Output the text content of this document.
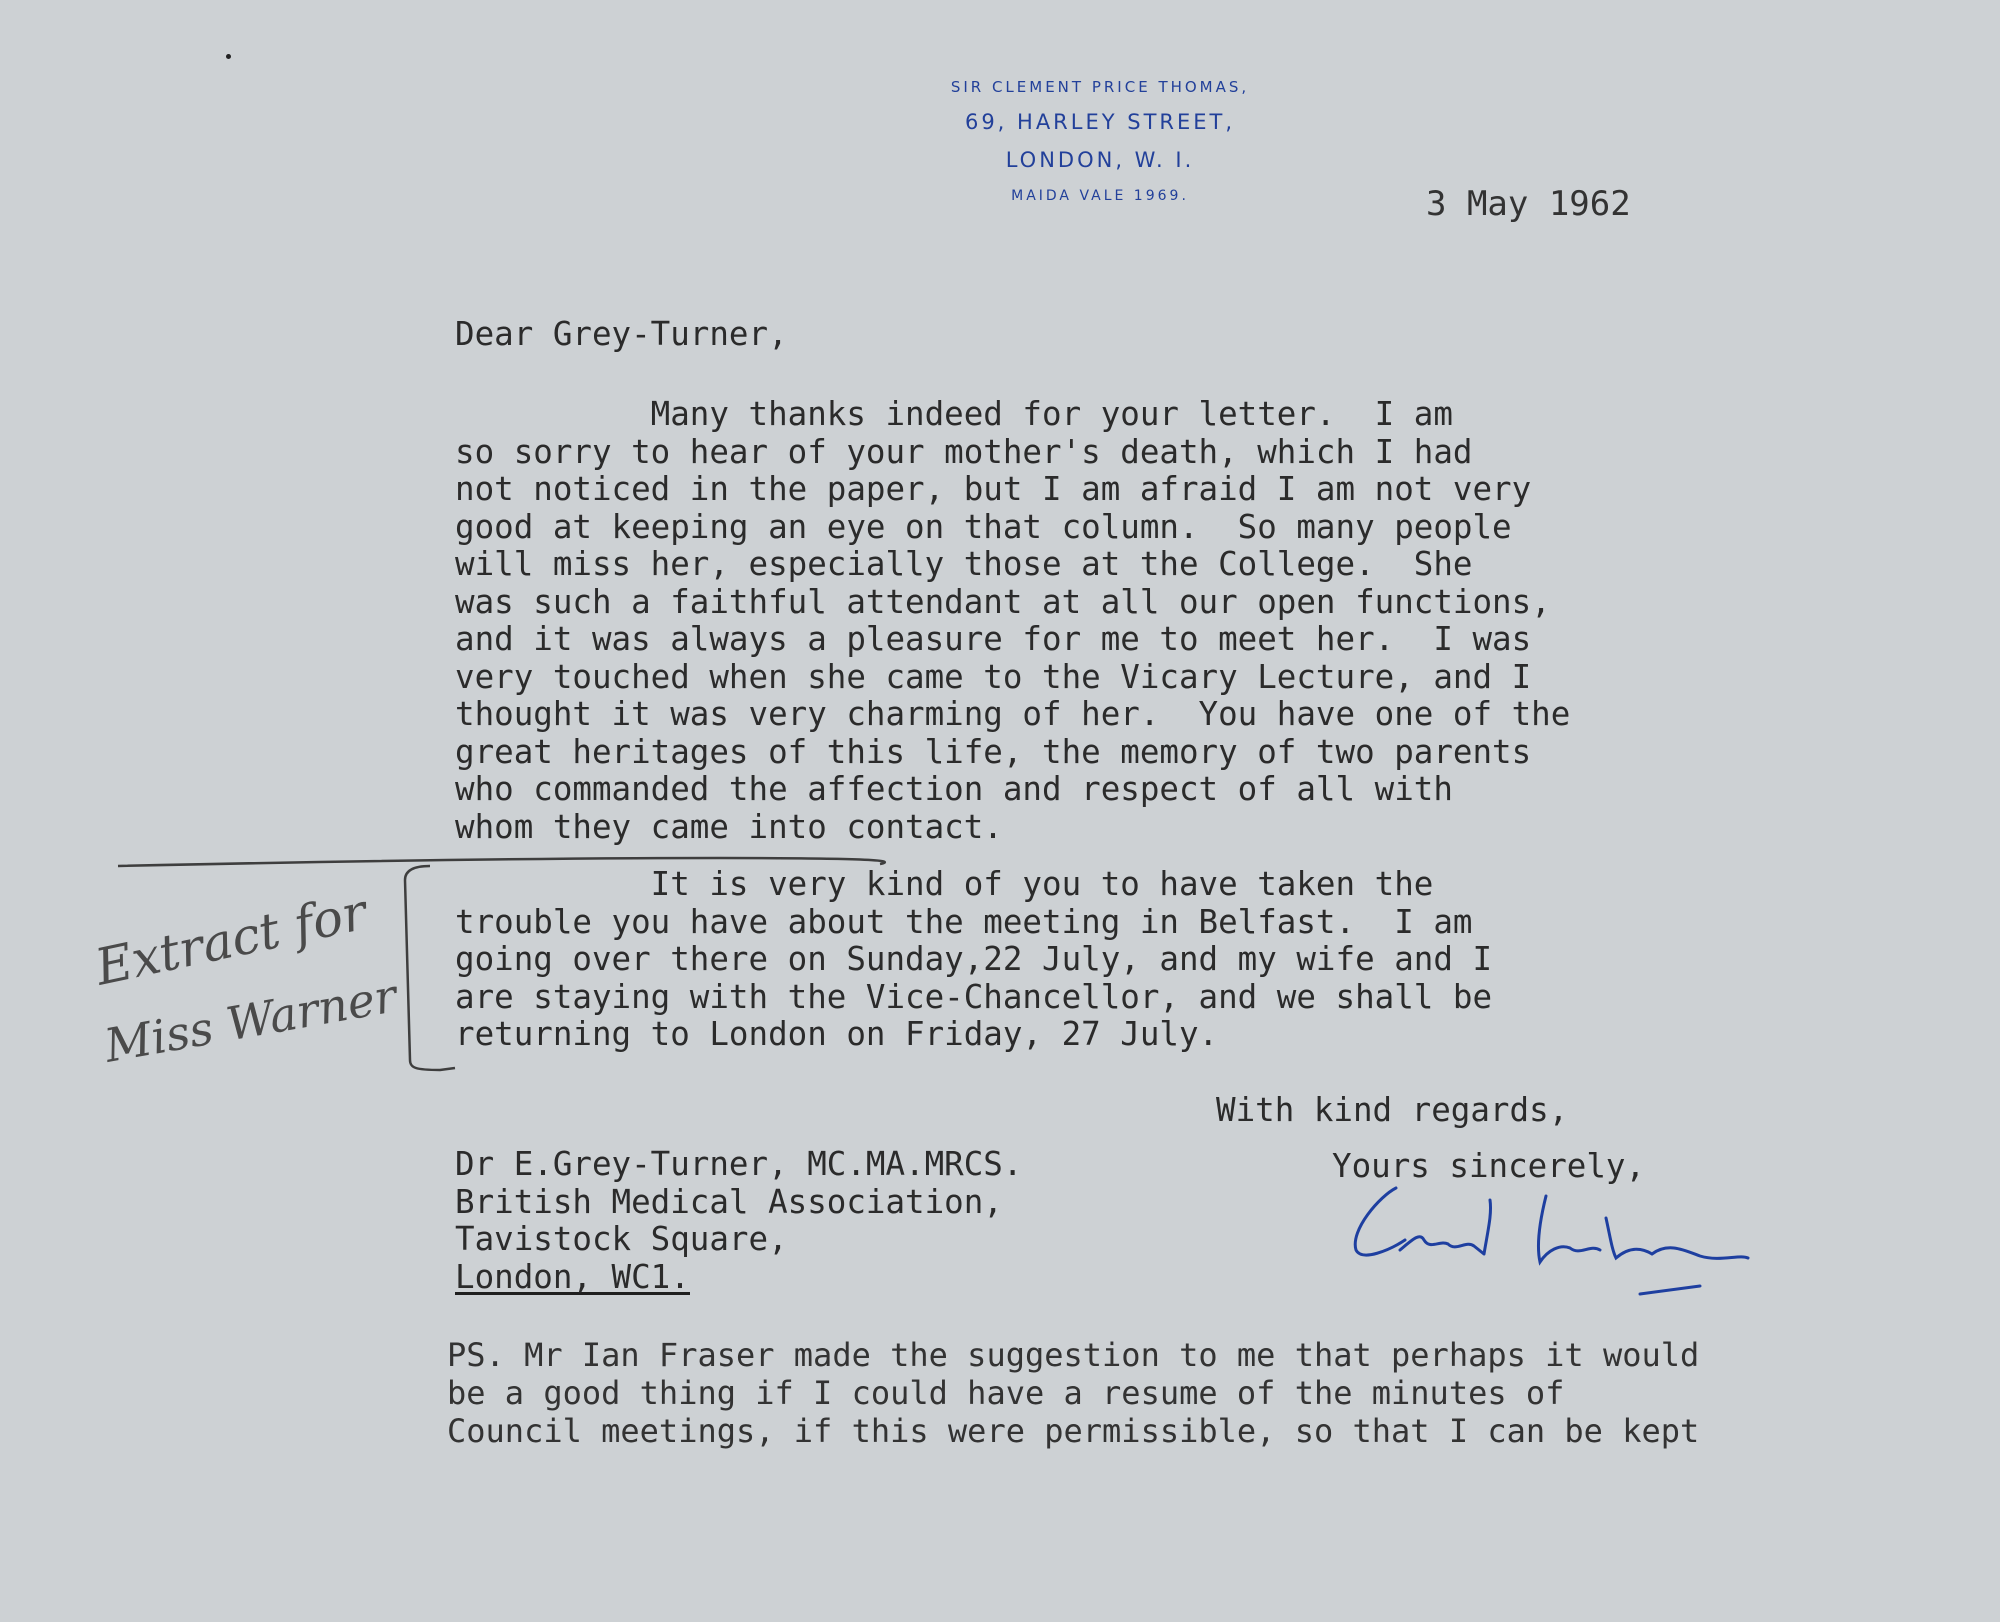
SIR CLEMENT PRICE THOMAS,
69, HARLEY STREET,
LONDON, W. I.
MAIDA VALE 1969.	3 May 1962
Dear Grey-Turner,
Many thanks indeed for your letter.  I am
so sorry to hear of your mother's death, which I had
not noticed in the paper, but I am afraid I am not very
good at keeping an eye on that column.  So many people
will miss her, especially those at the College.  She
was such a faithful attendant at all our open functions,
and it was always a pleasure for me to meet her.  I was
very touched when she came to the Vicary Lecture, and I
thought it was very charming of her.  You have one of the
great heritages of this life, the memory of two parents
who commanded the affection and respect of all with
whom they came into contact.
It is very kind of you to have taken the
trouble you have about the meeting in Belfast.  I am
going over there on Sunday,22 July, and my wife and I
are staying with the Vice-Chancellor, and we shall be
returning to London on Friday, 27 July.
With kind regards,
Yours sincerely,
Dr E.Grey-Turner, MC.MA.MRCS.
British Medical Association,
Tavistock Square,
London, WC1.
PS. Mr Ian Fraser made the suggestion to me that perhaps it would
be a good thing if I could have a resume of the minutes of
Council meetings, if this were permissible, so that I can be kept
Extract for
Miss Warner
Clement Price Thomas
